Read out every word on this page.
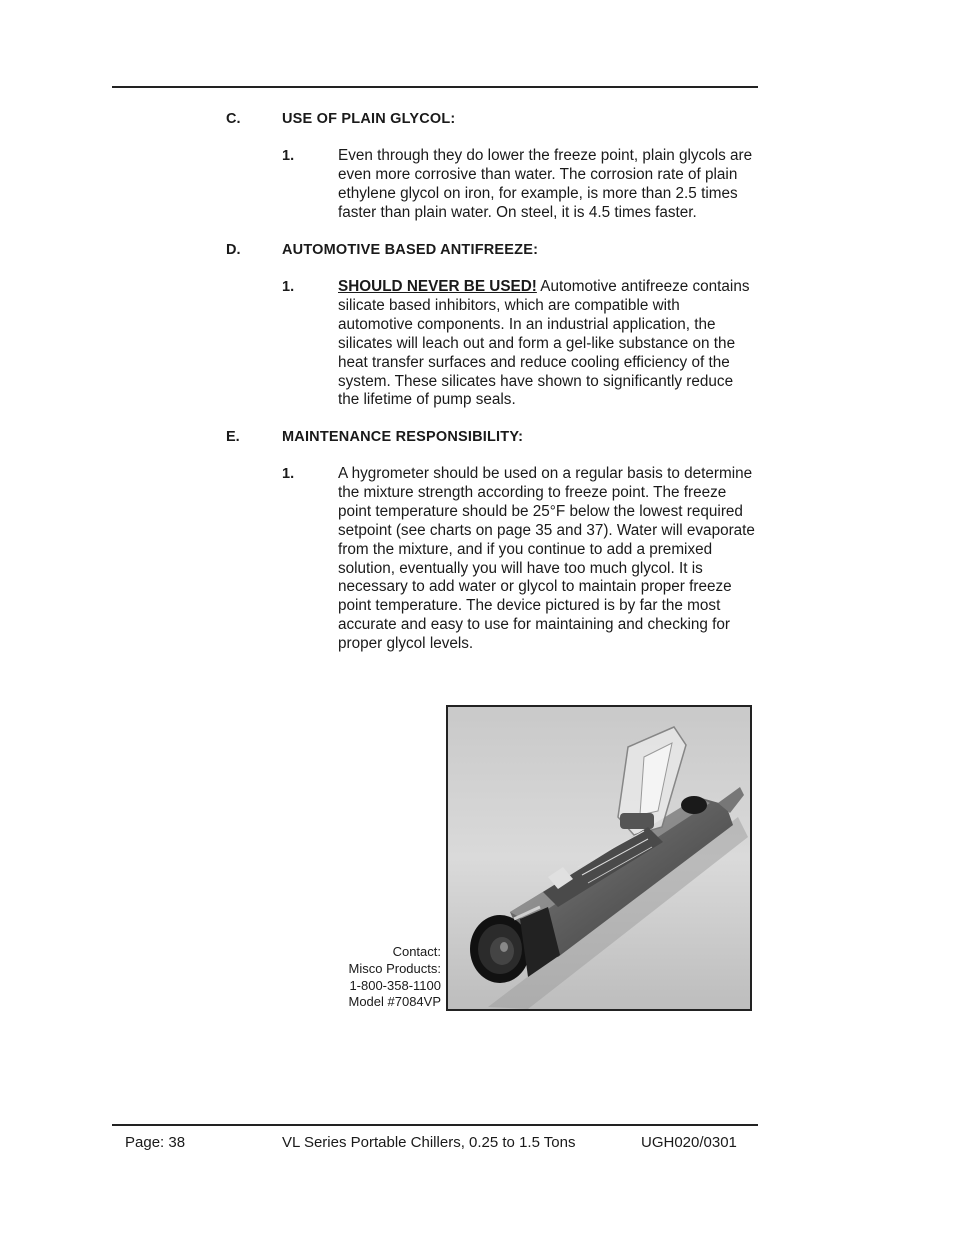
C.	USE OF PLAIN GLYCOL:
1.	Even through they do lower the freeze point, plain glycols are even more corrosive than water. The corrosion rate of plain ethylene glycol on iron, for example, is more than 2.5 times faster than plain water. On steel, it is 4.5 times faster.
D.	AUTOMOTIVE BASED ANTIFREEZE:
1.	SHOULD NEVER BE USED! Automotive antifreeze contains silicate based inhibitors, which are compatible with automotive components. In an industrial application, the silicates will leach out and form a gel-like substance on the heat transfer surfaces and reduce cooling efficiency of the system. These silicates have shown to significantly reduce the lifetime of pump seals.
E.	MAINTENANCE RESPONSIBILITY:
1.	A hygrometer should be used on a regular basis to determine the mixture strength according to freeze point. The freeze point temperature should be 25°F below the lowest required setpoint (see charts on page 35 and 37). Water will evaporate from the mixture, and if you continue to add a premixed solution, eventually you will have too much glycol. It is necessary to add water or glycol to maintain proper freeze point temperature. The device pictured is by far the most accurate and easy to use for maintaining and checking for proper glycol levels.
Contact:
Misco Products:
1-800-358-1100
Model #7084VP
Page: 38	VL Series Portable Chillers, 0.25 to 1.5 Tons	UGH020/0301
